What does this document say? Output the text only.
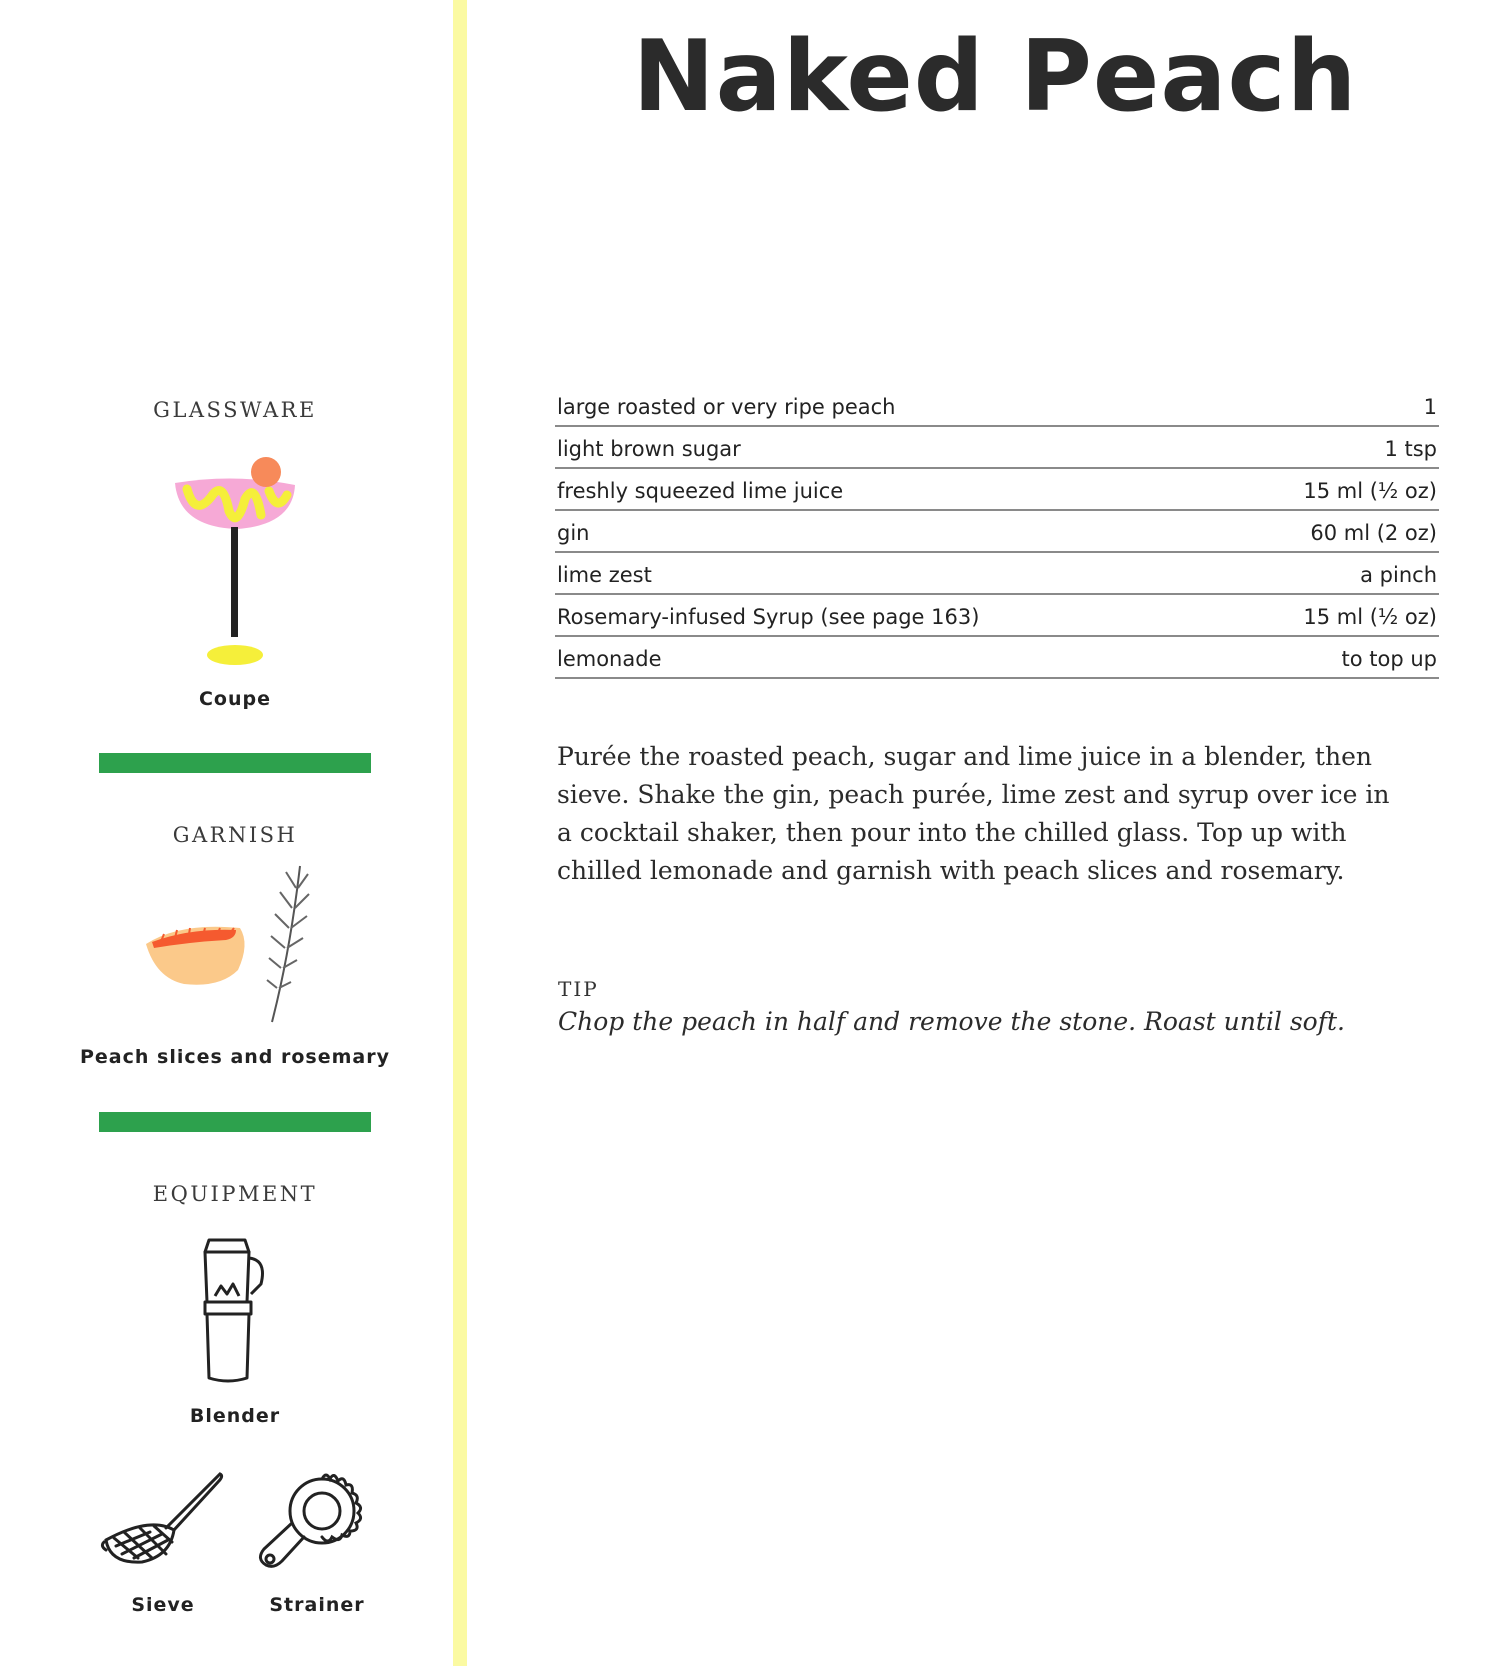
GLASSWARE
Coupe
GARNISH
Peach slices and rosemary
EQUIPMENT
Blender
Sieve	Strainer
Naked Peach
large roasted or very ripe peach	1
light brown sugar	1 tsp
freshly squeezed lime juice	15 ml (½ oz)
gin	60 ml (2 oz)
lime zest	a pinch
Rosemary-infused Syrup (see page 163)	15 ml (½ oz)
lemonade	to top up

Purée the roasted peach, sugar and lime juice in a blender, then sieve. Shake the gin, peach purée, lime zest and syrup over ice in a cocktail shaker, then pour into the chilled glass. Top up with chilled lemonade and garnish with peach slices and rosemary.

TIP

Chop the peach in half and remove the stone. Roast until soft.
